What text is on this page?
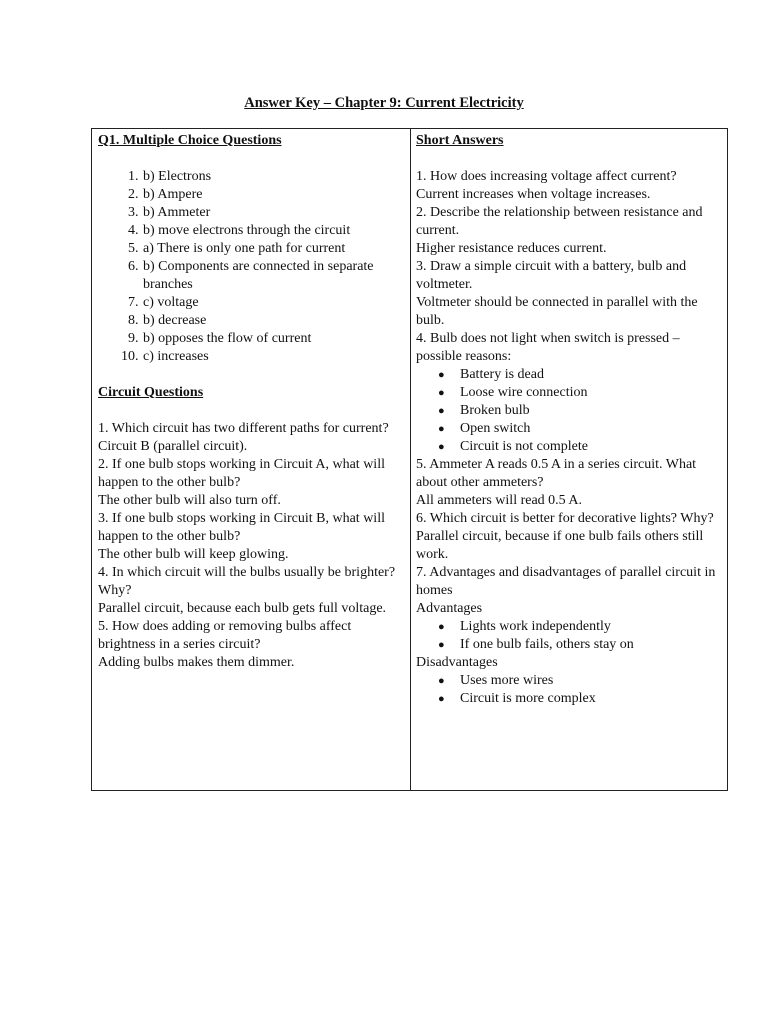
Answer Key – Chapter 9: Current Electricity
Q1. Multiple Choice Questions
1. b) Electrons
2. b) Ampere
3. b) Ammeter
4. b) move electrons through the circuit
5. a) There is only one path for current
6. b) Components are connected in separate branches
7. c) voltage
8. b) decrease
9. b) opposes the flow of current
10. c) increases
Circuit Questions

1. Which circuit has two different paths for current?

Circuit B (parallel circuit).

2. If one bulb stops working in Circuit A, what will happen to the other bulb?

The other bulb will also turn off.

3. If one bulb stops working in Circuit B, what will happen to the other bulb?

The other bulb will keep glowing.

4. In which circuit will the bulbs usually be brighter? Why?

Parallel circuit, because each bulb gets full voltage.

5. How does adding or removing bulbs affect brightness in a series circuit?

Adding bulbs makes them dimmer.

Short Answers

1. How does increasing voltage affect current?

Current increases when voltage increases.

2. Describe the relationship between resistance and current.

Higher resistance reduces current.

3. Draw a simple circuit with a battery, bulb and voltmeter.

Voltmeter should be connected in parallel with the bulb.

4. Bulb does not light when switch is pressed – possible reasons:

● Battery is dead
● Loose wire connection
● Broken bulb
● Open switch
● Circuit is not complete

5. Ammeter A reads 0.5 A in a series circuit. What about other ammeters?

All ammeters will read 0.5 A.

6. Which circuit is better for decorative lights? Why?

Parallel circuit, because if one bulb fails others still work.

7. Advantages and disadvantages of parallel circuit in homes

Advantages

● Lights work independently
● If one bulb fails, others stay on

Disadvantages

● Uses more wires
● Circuit is more complex
